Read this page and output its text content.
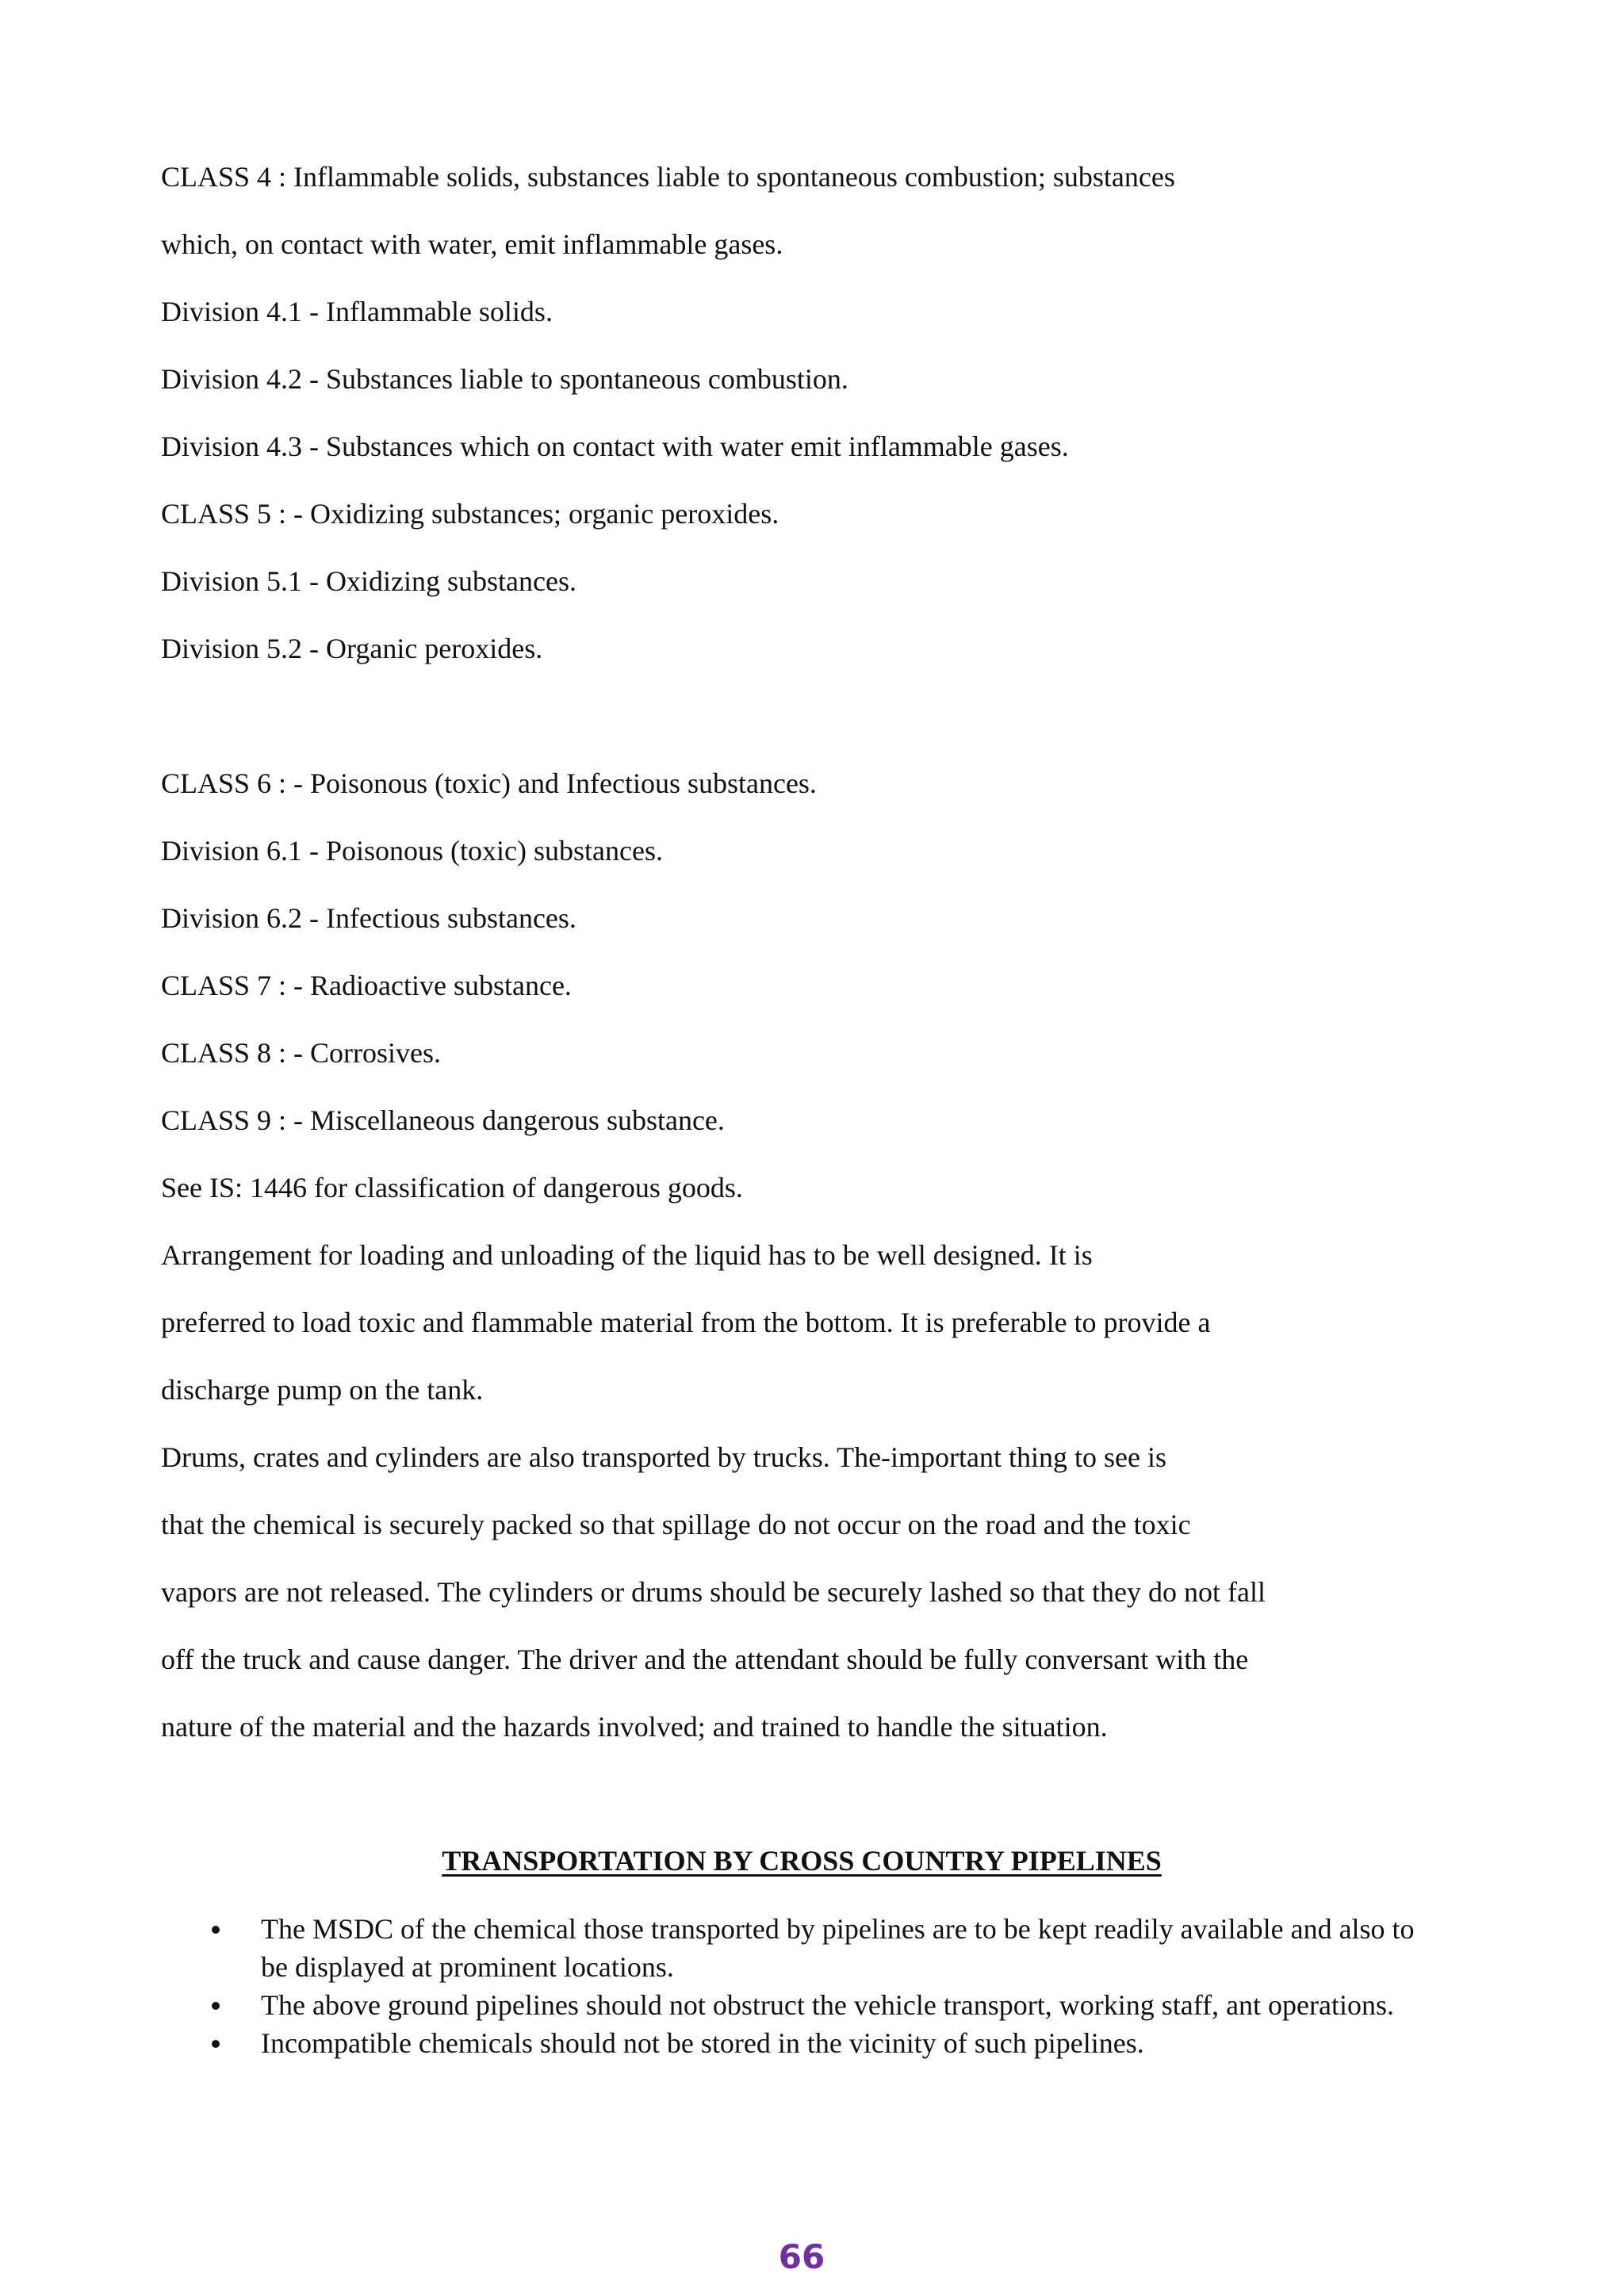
CLASS 4 : Inflammable solids, substances liable to spontaneous combustion; substances
which, on contact with water, emit inflammable gases.
Division 4.1 - Inflammable solids.
Division 4.2 - Substances liable to spontaneous combustion.
Division 4.3 - Substances which on contact with water emit inflammable gases.
CLASS 5 : - Oxidizing substances; organic peroxides.
Division 5.1 - Oxidizing substances.
Division 5.2 - Organic peroxides.
CLASS 6 : - Poisonous (toxic) and Infectious substances.
Division 6.1 - Poisonous (toxic) substances.
Division 6.2 - Infectious substances.
CLASS 7 : - Radioactive substance.
CLASS 8 : - Corrosives.
CLASS 9 : - Miscellaneous dangerous substance.
See IS: 1446 for classification of dangerous goods.
Arrangement for loading and unloading of the liquid has to be well designed. It is
preferred to load toxic and flammable material from the bottom. It is preferable to provide a
discharge pump on the tank.
Drums, crates and cylinders are also transported by trucks. The-important thing to see is
that the chemical is securely packed so that spillage do not occur on the road and the toxic
vapors are not released. The cylinders or drums should be securely lashed so that they do not fall
off the truck and cause danger. The driver and the attendant should be fully conversant with the
nature of the material and the hazards involved; and trained to handle the situation.
TRANSPORTATION BY CROSS COUNTRY PIPELINES
The MSDC of the chemical those transported by pipelines are to be kept readily available and also to be displayed at prominent locations.
The above ground pipelines should not obstruct the vehicle transport, working staff, ant operations.
Incompatible chemicals should not be stored in the vicinity of such pipelines.
66
